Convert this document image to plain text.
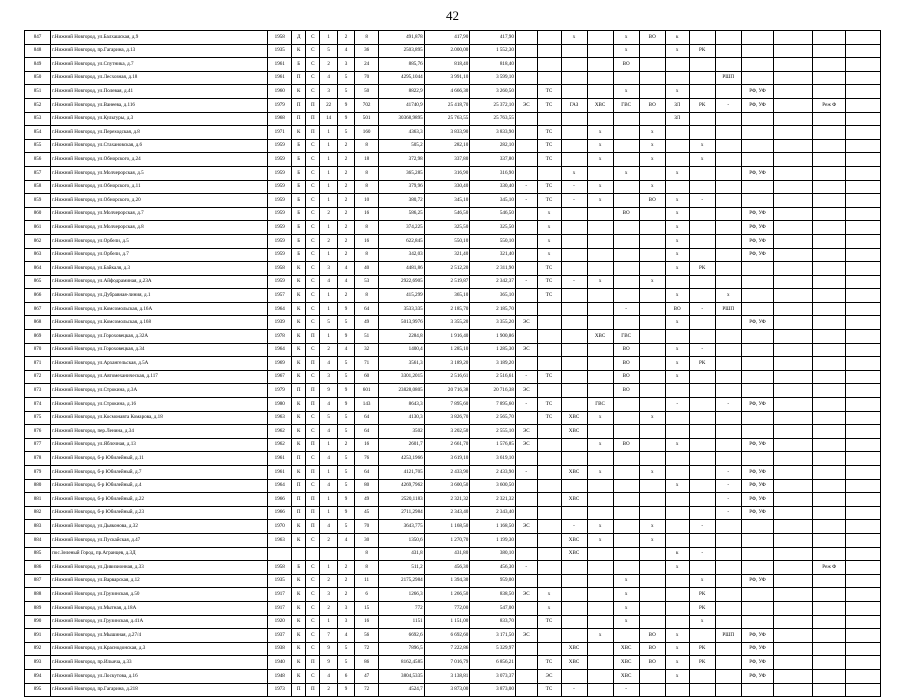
42
847	г.Нижний Новгород, ул.Балхашская, д.9	1958	Д	С	1	2	8	491,878	417,90	417,90			х		х	ВО	к						
848	г.Нижний Новгород, пр.Гагарина, д.13	1935	К	С	5	4	36	2503,895	2.000,00	1 552,30					х		х	РК					
849	г.Нижний Новгород, ул.Спутника, д.7	1961	Б	С	2	3	24	885,76	818,40	818,40					ВО								
850	г.Нижний Новгород, ул.Лесхозная, д.18	1961	П	С	4	5	70	4295,1044	3 991,10	3 599,10									РШП				
851	г.Нижний Новгород, ул.Полевая, д.41	1960	К	С	3	5	50	8822,9	4 666,30	3 260,50		ТС			х		х			РФ, УФ			
852	г.Нижний Новгород, ул.Ванеева, д.116	1979	П	П	22	9	702	41740,9	25 418,70	25 372,10	ЭС	ТС	ГАЗ	ХВС	ГВС	ВО	ЗЛ	РК	-	РФ, УФ		Реж Ф	
853	г.Нижний Новгород, ул.Культуры, д.3	1968	П	П	14	9	501	30368,9895	25 763,55	25 763,55							ЗЛ						
854	г.Нижний Новгород, ул.Переходская, д.8	1971	К	П	1	5	160	4363,3	3 833,90	3 833,90		ТС		х		х							
855	г.Нижний Новгород, ул.Стахановская, д.6	1959	Б	С	1	2	8	505,2	282,10	282,10		ТС		х		х		х					
856	г.Нижний Новгород, ул.Обнорского, д.24	1959	Б	С	1	2	18	372,98	337,80	337,80		ТС		х		х		х					
857	г.Нижний Новгород, ул.Молчерорская, д.5	1959	Б	С	1	2	8	365,285	316,90	316,90			х		х		х			РФ, УФ			
858	г.Нижний Новгород, ул.Обнорского, д.11	1959	Б	С	1	2	8	379,96	330,40	330,40	-	ТС	-	х		х							
859	г.Нижний Новгород, ул.Обнорского, д.20	1959	Б	С	1	2	10	380,72	345,10	345,10	-	ТС	-	х		ВО	х	-					
860	г.Нижний Новгород, ул.Молчерорская, д.7	1959	Б	С	2	2	16	586,25	546,50	546,50		х			ВО		х			РФ, УФ			
861	г.Нижний Новгород, ул.Молчерорская, д.8	1959	Б	С	1	2	8	374,225	325,50	325,50		х					х			РФ, УФ			
862	г.Нижний Новгород, ул.Орбели, д.5	1959	Б	С	2	2	16	622,845	550,10	550,10		х					х			РФ, УФ			
863	г.Нижний Новгород, ул.Орбели, д.7	1959	Б	С	1	2	8	342,03	321,40	321,40		х					х			РФ, УФ			
864	г.Нижний Новгород, ул.Байкаля, д.3	1958	К	С	3	4	40	4481,86	2 512,20	2 311,90		ТС					х	РК					
865	г.Нижний Новгород, ул.Айфодраминая, д.23А	1959	К	С	4	4	53	2922,6905	2 519,87	2 342,37	-	ТС	-	х		х							
866	г.Нижний Новгород, ул.Дубравная-линия, д.1	1957	К	С	1	2	8	415,299	365,10	365,10		ТС					х		х				
867	г.Нижний Новгород, ул.Комсомольская, д.16А	1964	К	С	1	9	64	3533,335	2 185,70	2 185,70					-		ВО	-	РШП				
868	г.Нижний Новгород, ул.Комсомольская, д.168	1939	К	С	5	5	49	5013,9976	3 355,20	3 355,20	ЭС						х			РФ, УФ			
869	г.Нижний Новгород, ул.Гороховецкая, д.32А	1978	К	П	1	9	51	2284,8	1 916,40	1 900,86				ХВС	ГВС								
870	г.Нижний Новгород, ул.Гороховецкая, д.34	1964	К	С	2	4	32	1400,4	1 285,10	1 285,30	ЭС				ВО		х	-					
871	г.Нижний Новгород, ул.Архангельская, д.5А	1969	К	П	4	5	71	3561,3	3 189,20	3 189,20					ВО		х	РК					
872	г.Нижний Новгород, ул.Автомеханическая, д.117	1967	К	С	3	5	60	3301,2015	2 516,61	2 516,61	-	ТС			ВО		х						
873	г.Нижний Новгород, ул.Строкина, д.3А	1979	П	П	9	9	601	23828,0805	20 716,38	20 716,38	ЭС				ВО								
874	г.Нижний Новгород, ул.Строкина, д.16	1980	К	П	4	9	143	8643,3	7 895,60	7 895,60	-	ТС		ГВС			-		-	РФ, УФ			
875	г.Нижний Новгород, ул.Космонавта Комарова, д.18	1963	К	С	5	5	64	4130,3	3 826,70	2 565,70		ТС	ХВС	х		х							
876	г.Нижний Новгород, пер.Ленина, д.34	1962	К	С	4	5	64	3502	3 202,50	2 555,10	ЭС		ХВС										
877	г.Нижний Новгород, ул.Яблочная, д.13	1962	К	П	1	2	16	2601,7	2 661,70	1 576,85	ЭС			х	ВО		х			РФ, УФ			
878	г.Нижний Новгород, б-р Юбилейный, д.11	1961	П	С	4	5	76	4253,1966	3 619,10	3 619,10													
879	г.Нижний Новгород, б-р Юбилейный, д.7	1961	К	П	1	5	64	4121,705	2 433,90	2 433,90	-		ХВС	х		х			-	РФ, УФ			
880	г.Нижний Новгород, б-р Юбилейный, д.4	1964	П	С	4	5	80	4269,7962	3 600,50	3 600,50							х		-	РФ, УФ			
881	г.Нижний Новгород, б-р Юбилейный, д.22	1966	П	П	1	9	49	2520,1183	2 321,32	2 321,32			ХВС						-	РФ, УФ			
882	г.Нижний Новгород, б-р Юбилейный, д.23	1966	П	П	1	9	45	2711,2984	2 343,40	2 343,40									-	РФ, УФ			
883	г.Нижний Новгород, ул.Дьяконова, д.32	1970	К	П	4	5	70	3643,775	1 168,50	1 168,50	ЭС		-	х		х		-					
884	г.Нижний Новгород, ул.Пускайская, д.47	1963	К	С	2	4	30	1350,6	1 270,70	1 199,30			ХВС	х		х							
885	пос.Зеленый Город, пр.Агранцев, д.3Д						8	431,8	431,80	380,10			ХВС				к	-					
886	г.Нижний Новгород, ул.Дивизионная, д.33	1958	Б	С	1	2	8	511,2	456,30	456,30	-						х					Реж Ф	
887	г.Нижний Новгород, ул.Варварская, д.12	1935	К	С	2	2	11	2175,2984	1 394,30	959,00					х			х		РФ, УФ			
888	г.Нижний Новгород, ул.Грузинская, д.50	1917	К	С	3	2	6	1266,3	1 266,50	838,50	ЭС	х			х			РК					
889	г.Нижний Новгород, ул.Мытная, д.18А	1917	К	С	2	3	15	772	772,00	547,00		х			х			РК					
890	г.Нижний Новгород, ул.Грузинская, д.41А	1920	К	С	1	3	16	1151	1 151,00	833,70		ТС			х			х					
891	г.Нижний Новгород, ул.Мышиная, д.27/4	1937	К	С	7	4	56	6692,6	6 692,60	3 171,50	ЭС			х		ВО	х		РШП	РФ, УФ			
892	г.Нижний Новгород, ул.Краснодонская, д.3	1938	К	С	9	5	72	7896,5	7 222,86	5 329,97			ХВС		ХВС	ВО	х	РК		РФ, УФ			
893	г.Нижний Новгород, пр.Ильича, д.33	1940	К	П	9	5	86	8162,4585	7 016,79	6 856,21		ТС	ХВС		ХВС	ВО	х	РК		РФ, УФ			
894	г.Нижний Новгород, ул.Лоскутова, д.16	1948	К	С	4	6	47	3804,5335	3 138,81	3 073,37		ЭС			ХВС		х			РФ, УФ			
895	г.Нижний Новгород, пр.Гагарина, д.218	1973	П	П	2	9	72	4524,7	3 873,00	3 873,00		ТС	-		-								
